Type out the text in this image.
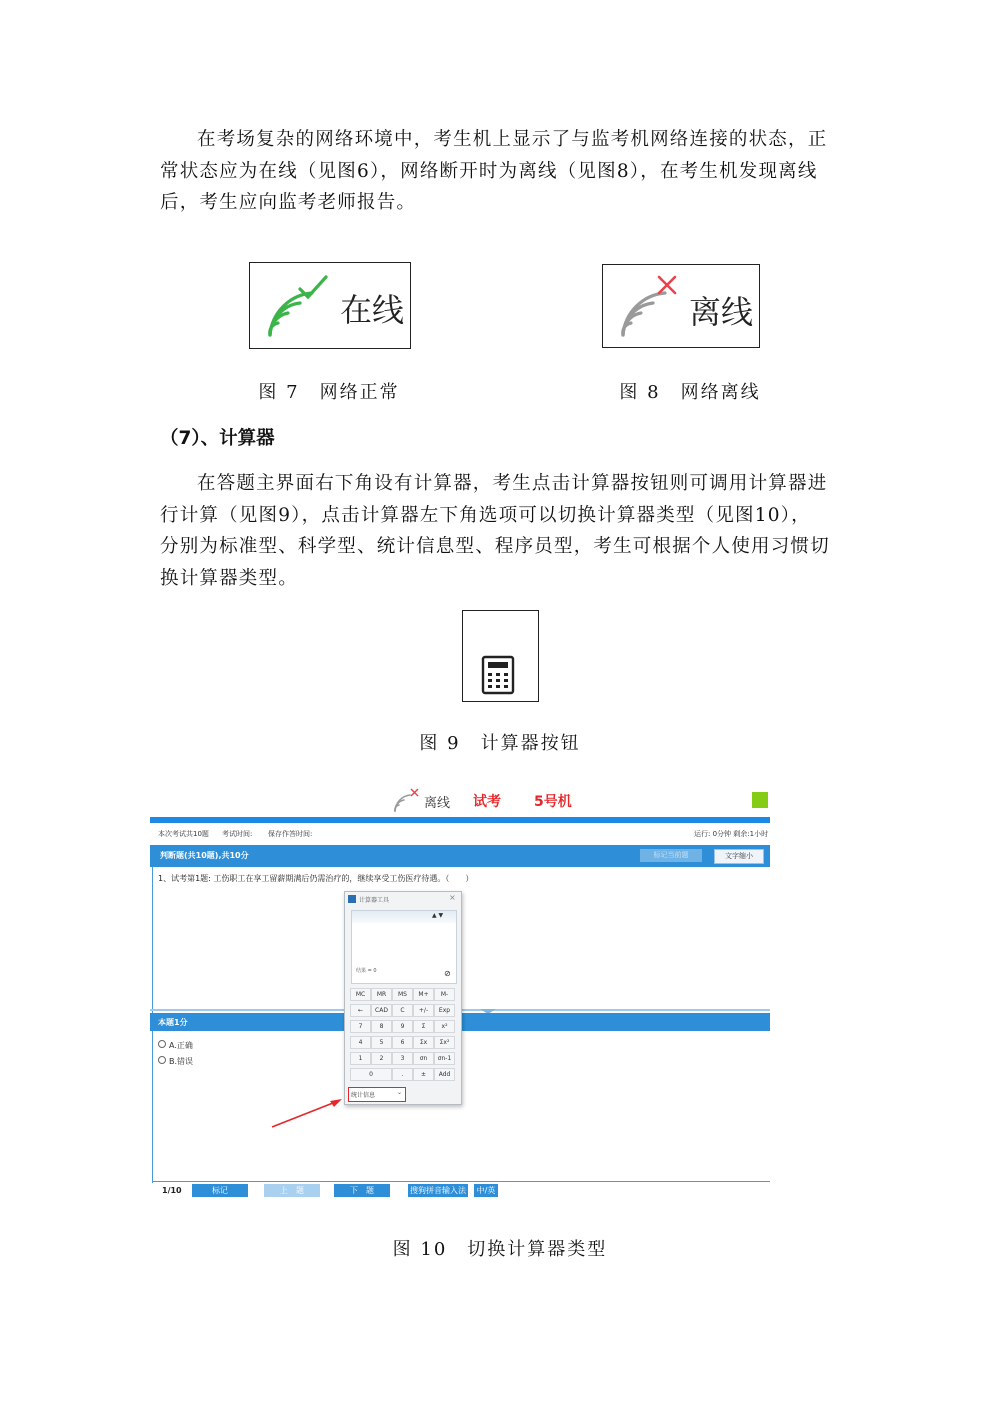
在考场复杂的网络环境中，考生机上显示了与监考机网络连接的状态，正
常状态应为在线（见图6），网络断开时为离线（见图8），在考生机发现离线
后，考生应向监考老师报告。
在线
图 7　网络正常
离线
图 8　网络离线
（7）、计算器
在答题主界面右下角设有计算器，考生点击计算器按钮则可调用计算器进
行计算（见图9），点击计算器左下角选项可以切换计算器类型（见图10），
分别为标准型、科学型、统计信息型、程序员型，考生可根据个人使用习惯切
换计算器类型。
图 9　计算器按钮
离线 试考 5号机
本次考试共10题 考试时间: 保存作答时间:	运行: 0分钟 剩余:1小时
判断题(共10题),共10分	标记当前题	文字缩小
1、试考第1题: 工伤职工在享工留薪期满后仍需治疗的，继续享受工伤医疗待遇。（　　）
本题1分
A.正确
B.错误
1/10	标记	上　题	下　题	搜狗拼音输入法	中/英
计算器工具	×
▲ ▼
结果 = 0	⊘
MC	MR	MS	M+	M-
←	CAD	C	+/-	Exp
7	8	9	Σ	x²
4	5	6	Σx	Σx²
1	2	3	σn	σn-1
0	.	±	Add
统计信息	⌄
图 10　切换计算器类型
